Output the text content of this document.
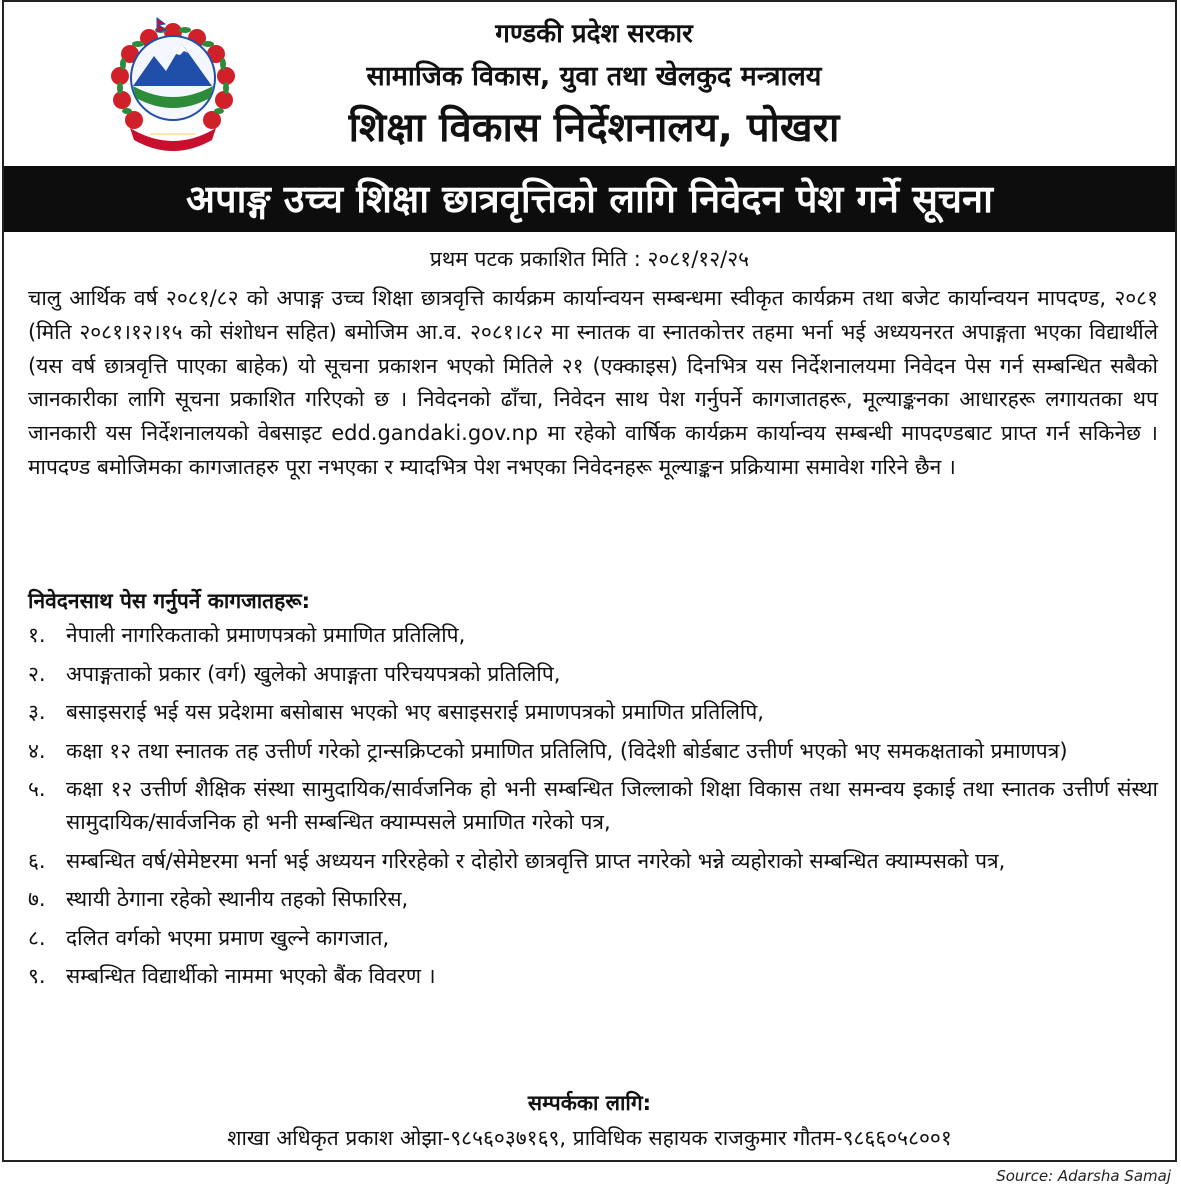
गण्डकी प्रदेश सरकार
सामाजिक विकास, युवा तथा खेलकुद मन्त्रालय
शिक्षा विकास निर्देशनालय, पोखरा
अपाङ्ग उच्च शिक्षा छात्रवृत्तिको लागि निवेदन पेश गर्ने सूचना
प्रथम पटक प्रकाशित मिति : २०८१/१२/२५
चालु आर्थिक वर्ष २०८१/८२ को अपाङ्ग उच्च शिक्षा छात्रवृत्ति कार्यक्रम कार्यान्वयन सम्बन्धमा स्वीकृत कार्यक्रम तथा बजेट कार्यान्वयन मापदण्ड, २०८१ (मिति २०८१।१२।१५ को संशोधन सहित) बमोजिम आ.व. २०८१।८२ मा स्नातक वा स्नातकोत्तर तहमा भर्ना भई अध्ययनरत अपाङ्गता भएका विद्यार्थीले (यस वर्ष छात्रवृत्ति पाएका बाहेक) यो सूचना प्रकाशन भएको मितिले २१ (एक्काइस) दिनभित्र यस निर्देशनालयमा निवेदन पेस गर्न सम्बन्धित सबैको जानकारीका लागि सूचना प्रकाशित गरिएको छ । निवेदनको ढाँचा, निवेदन साथ पेश गर्नुपर्ने कागजातहरू, मूल्याङ्कनका आधारहरू लगायतका थप जानकारी यस निर्देशनालयको वेबसाइट edd.gandaki.gov.np मा रहेको वार्षिक कार्यक्रम कार्यान्वय सम्बन्धी मापदण्डबाट प्राप्त गर्न सकिनेछ । मापदण्ड बमोजिमका कागजातहरु पूरा नभएका र म्यादभित्र पेश नभएका निवेदनहरू मूल्याङ्कन प्रक्रियामा समावेश गरिने छैन ।
निवेदनसाथ पेस गर्नुपर्ने कागजातहरू:
१. नेपाली नागरिकताको प्रमाणपत्रको प्रमाणित प्रतिलिपि,
२. अपाङ्गताको प्रकार (वर्ग) खुलेको अपाङ्गता परिचयपत्रको प्रतिलिपि,
३. बसाइसराई भई यस प्रदेशमा बसोबास भएको भए बसाइसराई प्रमाणपत्रको प्रमाणित प्रतिलिपि,
४. कक्षा १२ तथा स्नातक तह उत्तीर्ण गरेको ट्रान्सक्रिप्टको प्रमाणित प्रतिलिपि, (विदेशी बोर्डबाट उत्तीर्ण भएको भए समकक्षताको प्रमाणपत्र)
५. कक्षा १२ उत्तीर्ण शैक्षिक संस्था सामुदायिक/सार्वजनिक हो भनी सम्बन्धित जिल्लाको शिक्षा विकास तथा समन्वय इकाई तथा स्नातक उत्तीर्ण संस्था सामुदायिक/सार्वजनिक हो भनी सम्बन्धित क्याम्पसले प्रमाणित गरेको पत्र,
६. सम्बन्धित वर्ष/सेमेष्टरमा भर्ना भई अध्ययन गरिरहेको र दोहोरो छात्रवृत्ति प्राप्त नगरेको भन्ने व्यहोराको सम्बन्धित क्याम्पसको पत्र,
७. स्थायी ठेगाना रहेको स्थानीय तहको सिफारिस,
८. दलित वर्गको भएमा प्रमाण खुल्ने कागजात,
९. सम्बन्धित विद्यार्थीको नाममा भएको बैंक विवरण ।
सम्पर्कका लागि:
शाखा अधिकृत प्रकाश ओझा-९८५६०३७१६९, प्राविधिक सहायक राजकुमार गौतम-९८६६०५८००१
Source: Adarsha Samaj
